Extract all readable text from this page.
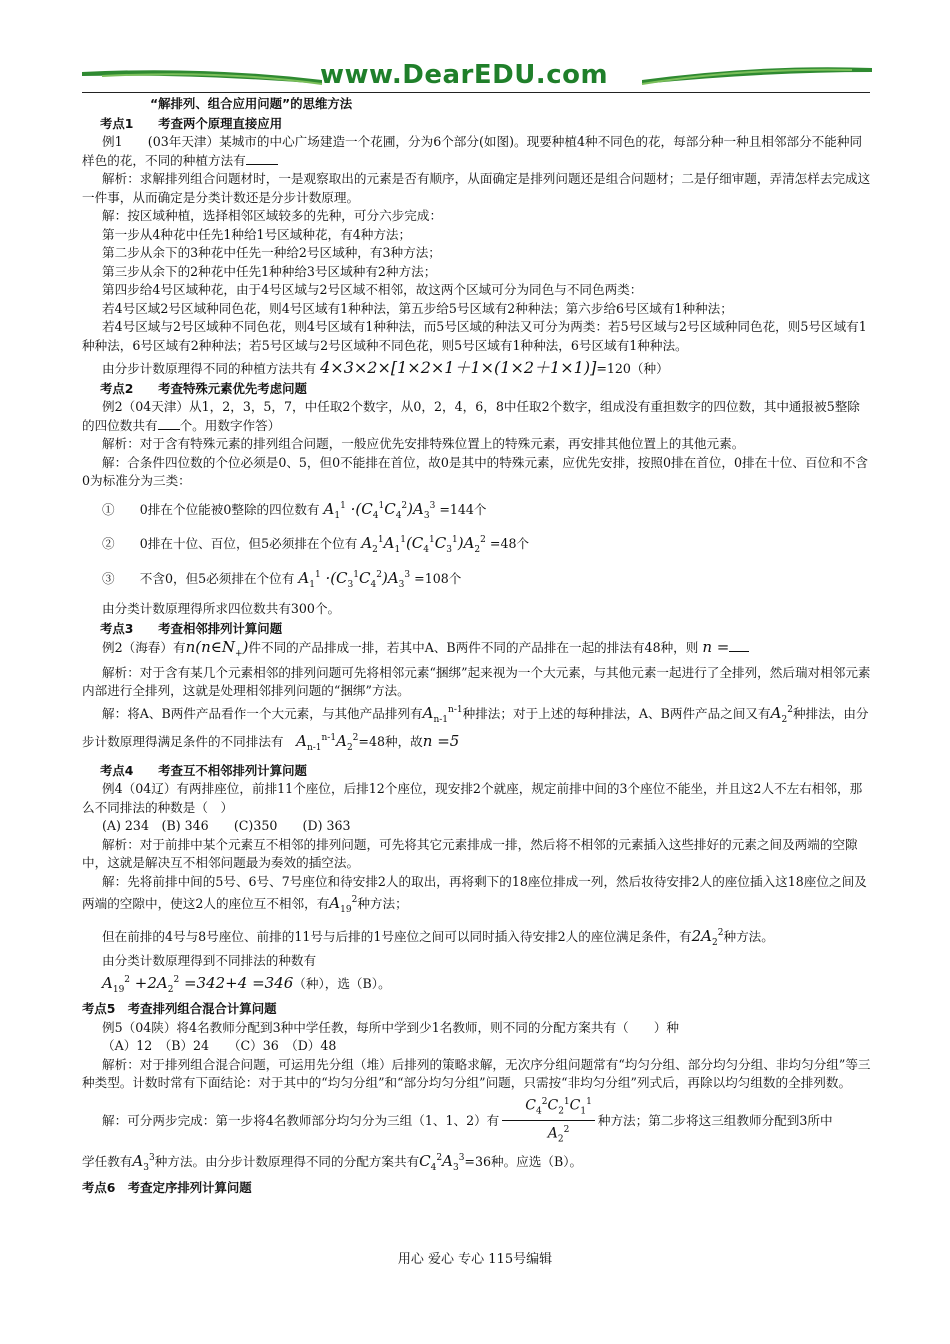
www.DearEDU.com

“解排列、组合应用问题”的思维方法

考点1　　考查两个原理直接应用

例1　　(03年天津）某城市的中心广场建造一个花圃，分为6个部分(如图)。现要种植4种不同色的花，每部分种一种且相邻部分不能种同样色的花，不同的种植方法有

解析：求解排列组合问题材时，一是观察取出的元素是否有顺序，从面确定是排列问题还是组合问题材；二是仔细审题，弄清怎样去完成这一件事，从而确定是分类计数还是分步计数原理。

解：按区域种植，选择相邻区域较多的先种，可分六步完成：

第一步从4种花中任先1种给1号区域种花，有4种方法；

第二步从余下的3种花中任先一种给2号区域种，有3种方法；

第三步从余下的2种花中任先1种种给3号区域种有2种方法；

第四步给4号区域种花，由于4号区域与2号区域不相邻，故这两个区域可分为同色与不同色两类：

若4号区域2号区域种同色花，则4号区域有1种种法，第五步给5号区域有2种种法；第六步给6号区域有1种种法；

若4号区域与2号区域种不同色花，则4号区域有1种种法，而5号区域的种法又可分为两类：若5号区域与2号区域种同色花，则5号区域有1种种法，6号区域有2种种法；若5号区域与2号区域种不同色花，则5号区域有1种种法，6号区域有1种种法。

由分步计数原理得不同的种植方法共有 4×3×2×[1×2×1＋1×(1×2＋1×1)]=120（种）

考点2　　考查特殊元素优先考虑问题

例2（04天津）从1，2，3，5，7，中任取2个数字，从0，2，4，6，8中任取2个数字，组成没有重担数字的四位数，其中通报被5整除的四位数共有 个。用数字作答）

解析：对于含有特殊元素的排列组合问题，一般应优先安排特殊位置上的特殊元素，再安排其他位置上的其他元素。

解：合条件四位数的个位必须是0、5，但0不能排在首位，故0是其中的特殊元素，应优先安排，按照0排在首位，0排在十位、百位和不含0为标准分为三类：

①　　 0排在个位能被0整除的四位数有 $A_1^1 \cdot(C_4^1C_4^2)A_3^3 =144$个

②　　 0排在十位、百位，但5必须排在个位有 $A_2^1A_1^1(C_4^1C_3^1)A_2^2 =48$个

③　　 不含0，但5必须排在个位有 $A_1^1 \cdot(C_3^1C_4^2)A_3^3 =108$个

由分类计数原理得所求四位数共有300个。

考点3　　考查相邻排列计算问题

例2（海春）有$n(n\in N_+)$件不同的产品排成一排，若其中A、B两件不同的产品排在一起的排法有48种，则 n =

解析：对于含有某几个元素相邻的排列问题可先将相邻元素“捆绑”起来视为一个大元素，与其他元素一起进行了全排列，然后瑞对相邻元素内部进行全排列，这就是处理相邻排列问题的“捆绑”方法。

解：将A、B两件产品看作一个大元素，与其他产品排列有$A_{n-1}^{n-1}$种排法；对于上述的每种排法，A、B两件产品之间又有$A_2^2$种排法，由分步计数原理得满足条件的不同排法有　 $A_{n-1}^{n-1}A_2^2=48$种，故n =5

考点4　　考查互不相邻排列计算问题

例4（04辽）有两排座位，前排11个座位，后排12个座位，现安排2个就座，规定前排中间的3个座位不能坐，并且这2人不左右相邻，那么不同排法的种数是（　）

(A) 234　(B) 346　　(C)350　　(D) 363

解析：对于前排中某个元素互不相邻的排列问题，可先将其它元素排成一排，然后将不相邻的元素插入这些排好的元素之间及两端的空隙中，这就是解决互不相邻问题最为奏效的插空法。

解：先将前排中间的5号、6号、7号座位和待安排2人的取出，再将剩下的18座位排成一列，然后妆待安排2人的座位插入这18座位之间及两端的空隙中，使这2人的座位互不相邻，有$A_{19}^2$种方法；

但在前排的4号与8号座位、前排的11号与后排的1号座位之间可以同时插入待安排2人的座位满足条件，有$2A_2^2$种方法。

由分类计数原理得到不同排法的种数有

$A_{19}^2 +2A_2^2 =342+4 =346$（种），选（B）。

考点5　考查排列组合混合计算问题

例5（04陕）将4名教师分配到3种中学任教，每所中学到少1名教师，则不同的分配方案共有（　　）种

（A）12　（B）24　　（C）36　（D）48

解析：对于排列组合混合问题，可运用先分组（堆）后排列的策略求解，无次序分组问题常有“均匀分组、部分均匀分组、非均匀分组”等三种类型。计数时常有下面结论：对于其中的“均匀分组”和“部分均匀分组”问题，只需按“非均匀分组”列式后，再除以均匀组数的全排列数。

解：可分两步完成：第一步将4名教师部分均匀分为三组（1、1、2）有 $\frac{C_4^2C_2^1C_1^1}{A_2^2}$ 种方法；第二步将这三组教师分配到3所中

学任教有$A_3^3$种方法。由分步计数原理得不同的分配方案共有$C_4^2A_3^3=36$种。应选（B）。

考点6　考查定序排列计算问题

用心 爱心 专心 115号编辑
